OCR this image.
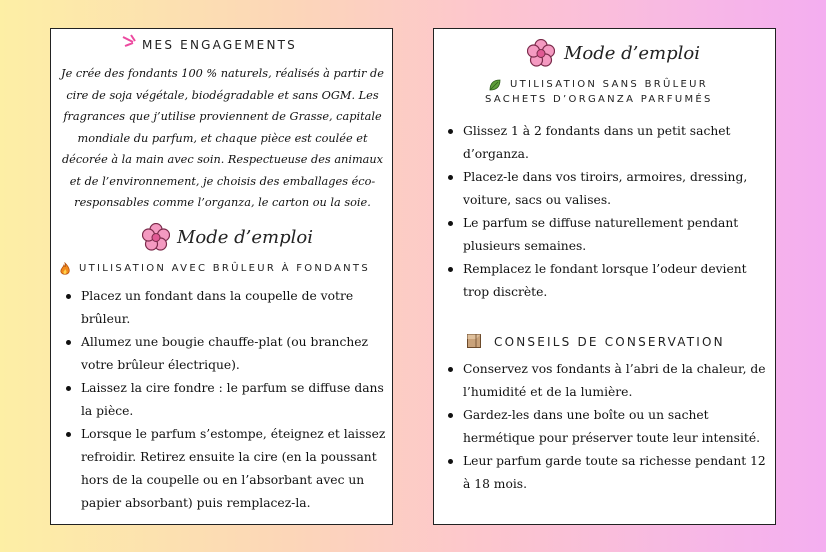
MES ENGAGEMENTS
Je crée des fondants 100 % naturels, réalisés à partir de cire de soja végétale, biodégradable et sans OGM. Les fragrances que j’utilise proviennent de Grasse, capitale mondiale du parfum, et chaque pièce est coulée et décorée à la main avec soin. Respectueuse des animaux et de l’environnement, je choisis des emballages éco-responsables comme l’organza, le carton ou la soie.
Mode d’emploi
UTILISATION AVEC BRÛLEUR À FONDANTS
Placez un fondant dans la coupelle de votre brûleur.
Allumez une bougie chauffe-plat (ou branchez votre brûleur électrique).
Laissez la cire fondre : le parfum se diffuse dans la pièce.
Lorsque le parfum s’estompe, éteignez et laissez refroidir. Retirez ensuite la cire (en la poussant hors de la coupelle ou en l’absorbant avec un papier absorbant) puis remplacez-la.
Mode d’emploi
UTILISATION SANS BRÛLEUR
SACHETS D’ORGANZA PARFUMÉS
Glissez 1 à 2 fondants dans un petit sachet d’organza.
Placez-le dans vos tiroirs, armoires, dressing, voiture, sacs ou valises.
Le parfum se diffuse naturellement pendant plusieurs semaines.
Remplacez le fondant lorsque l’odeur devient trop discrète.
CONSEILS DE CONSERVATION
Conservez vos fondants à l’abri de la chaleur, de l’humidité et de la lumière.
Gardez-les dans une boîte ou un sachet hermétique pour préserver toute leur intensité.
Leur parfum garde toute sa richesse pendant 12 à 18 mois.
